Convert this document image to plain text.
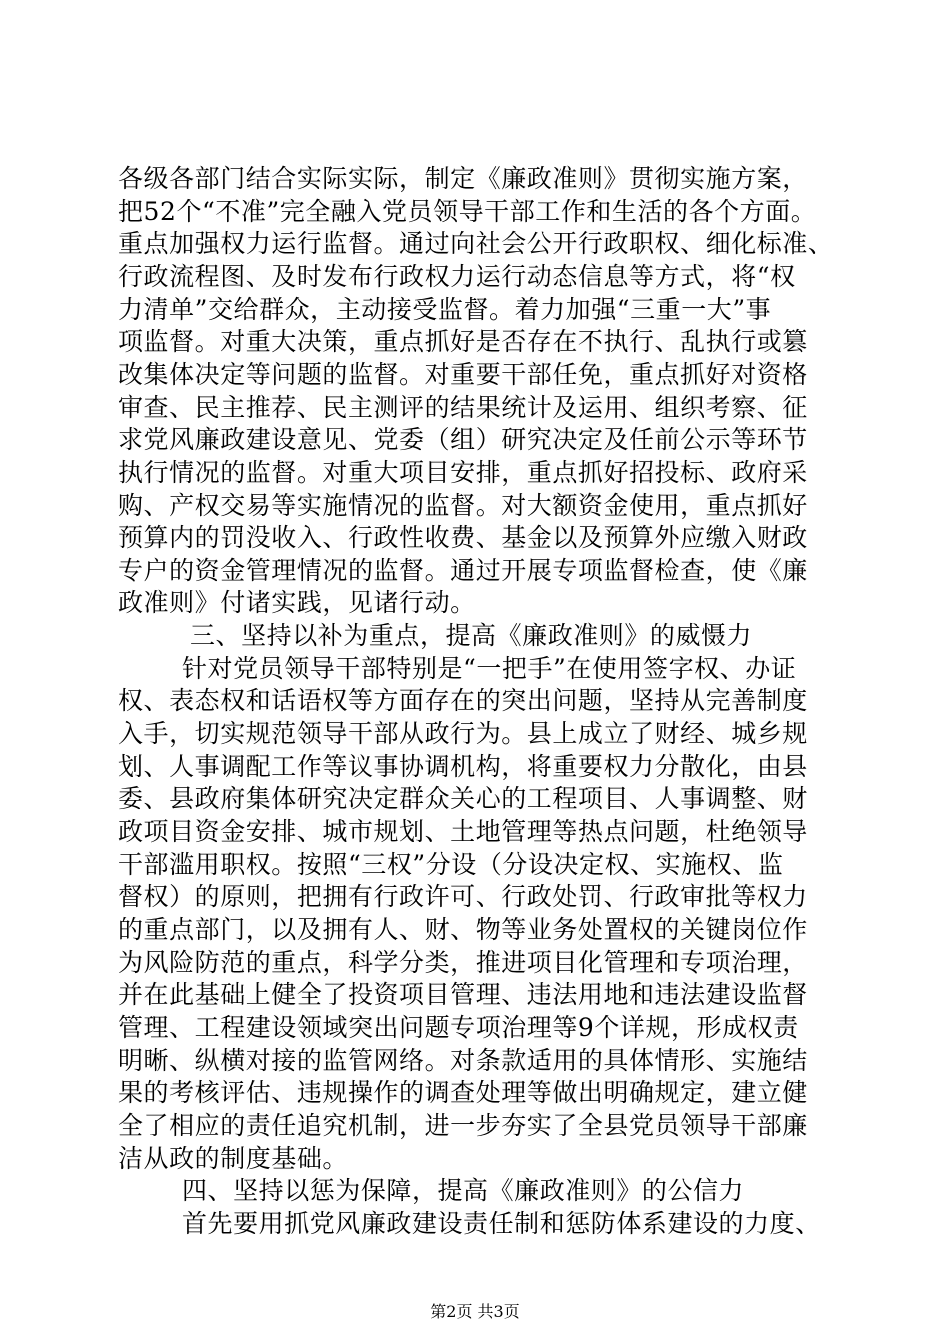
各级各部门结合实际实际，制定《廉政准则》贯彻实施方案，
把52个“不准”完全融入党员领导干部工作和生活的各个方面。
重点加强权力运行监督。通过向社会公开行政职权、细化标准、
行政流程图、及时发布行政权力运行动态信息等方式，将“权
力清单”交给群众，主动接受监督。着力加强“三重一大”事
项监督。对重大决策，重点抓好是否存在不执行、乱执行或篡
改集体决定等问题的监督。对重要干部任免，重点抓好对资格
审查、民主推荐、民主测评的结果统计及运用、组织考察、征
求党风廉政建设意见、党委（组）研究决定及任前公示等环节
执行情况的监督。对重大项目安排，重点抓好招投标、政府采
购、产权交易等实施情况的监督。对大额资金使用，重点抓好
预算内的罚没收入、行政性收费、基金以及预算外应缴入财政
专户的资金管理情况的监督。通过开展专项监督检查，使《廉
政准则》付诸实践，见诸行动。
三、坚持以补为重点，提高《廉政准则》的威慑力
针对党员领导干部特别是“一把手”在使用签字权、办证
权、表态权和话语权等方面存在的突出问题，坚持从完善制度
入手，切实规范领导干部从政行为。县上成立了财经、城乡规
划、人事调配工作等议事协调机构，将重要权力分散化，由县
委、县政府集体研究决定群众关心的工程项目、人事调整、财
政项目资金安排、城市规划、土地管理等热点问题，杜绝领导
干部滥用职权。按照“三权”分设（分设决定权、实施权、监
督权）的原则，把拥有行政许可、行政处罚、行政审批等权力
的重点部门，以及拥有人、财、物等业务处置权的关键岗位作
为风险防范的重点，科学分类，推进项目化管理和专项治理，
并在此基础上健全了投资项目管理、违法用地和违法建设监督
管理、工程建设领域突出问题专项治理等9个详规，形成权责
明晰、纵横对接的监管网络。对条款适用的具体情形、实施结
果的考核评估、违规操作的调查处理等做出明确规定，建立健
全了相应的责任追究机制，进一步夯实了全县党员领导干部廉
洁从政的制度基础。
四、坚持以惩为保障，提高《廉政准则》的公信力
首先要用抓党风廉政建设责任制和惩防体系建设的力度、
第2页 共3页
